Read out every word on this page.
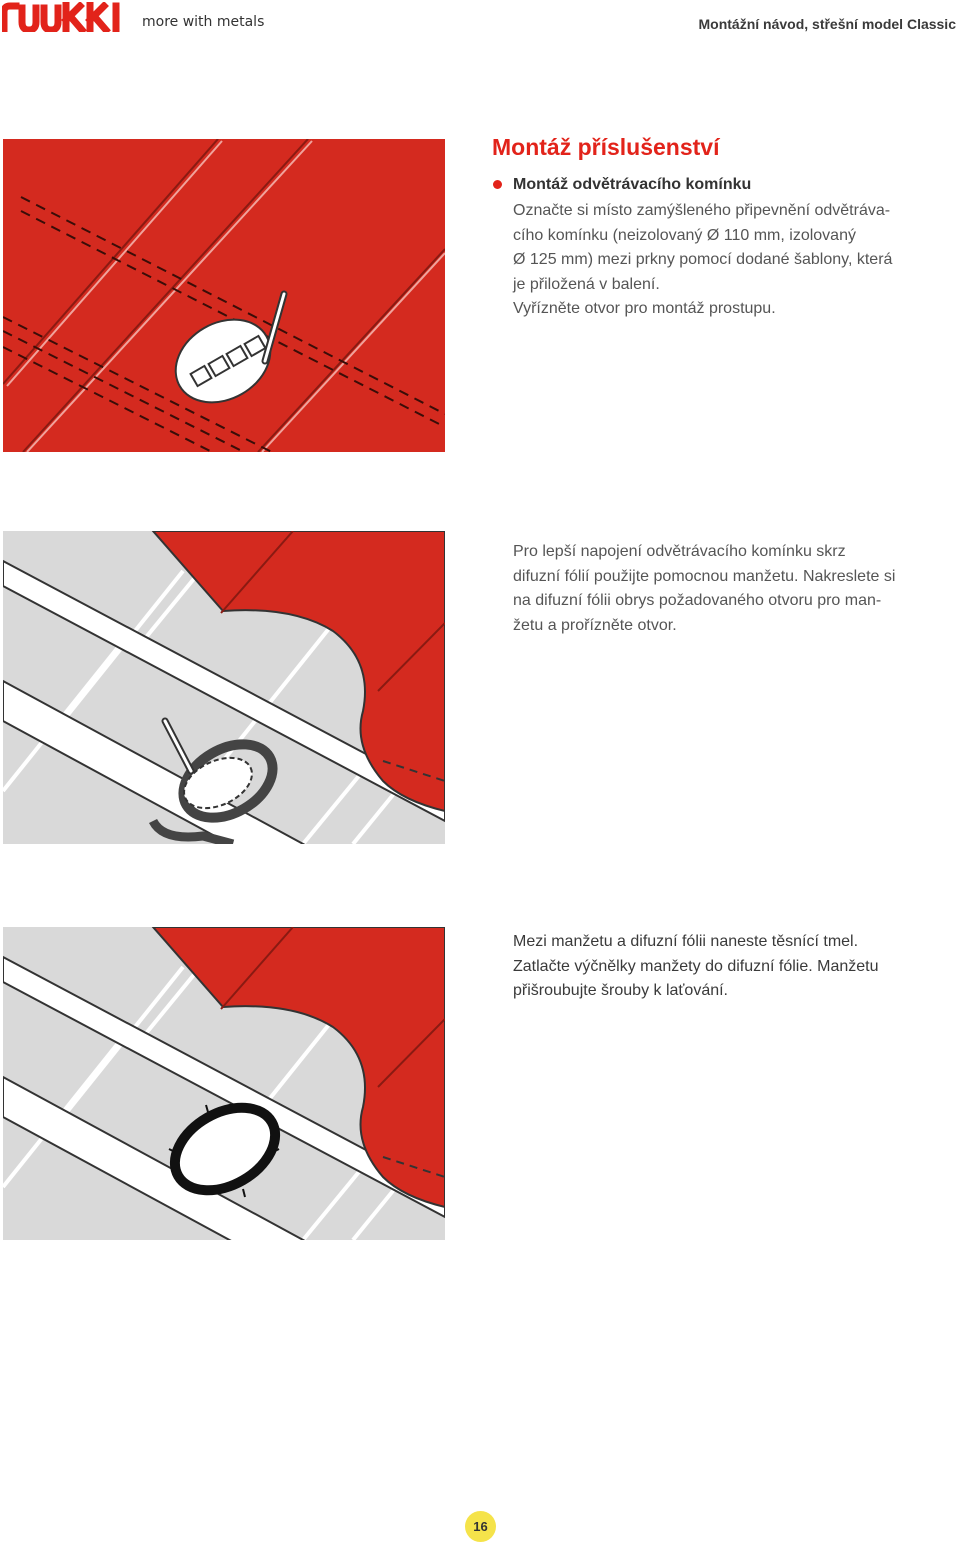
more with metals	Montážní návod, střešní model Classic
Montáž příslušenství
Montáž odvětrávacího komínku
Označte si místo zamýšleného připevnění odvětráva-
cího komínku (neizolovaný Ø 110 mm, izolovaný
Ø 125 mm) mezi prkny pomocí dodané šablony, která
je přiložená v balení.
Vyřízněte otvor pro montáž prostupu.
Pro lepší napojení odvětrávacího komínku skrz
difuzní fólií použijte pomocnou manžetu. Nakreslete si
na difuzní fólii obrys požadovaného otvoru pro man-
žetu a prořízněte otvor.
Mezi manžetu a difuzní fólii naneste těsnící tmel.
Zatlačte výčnělky manžety do difuzní fólie. Manžetu
přišroubujte šrouby k laťování.
16
